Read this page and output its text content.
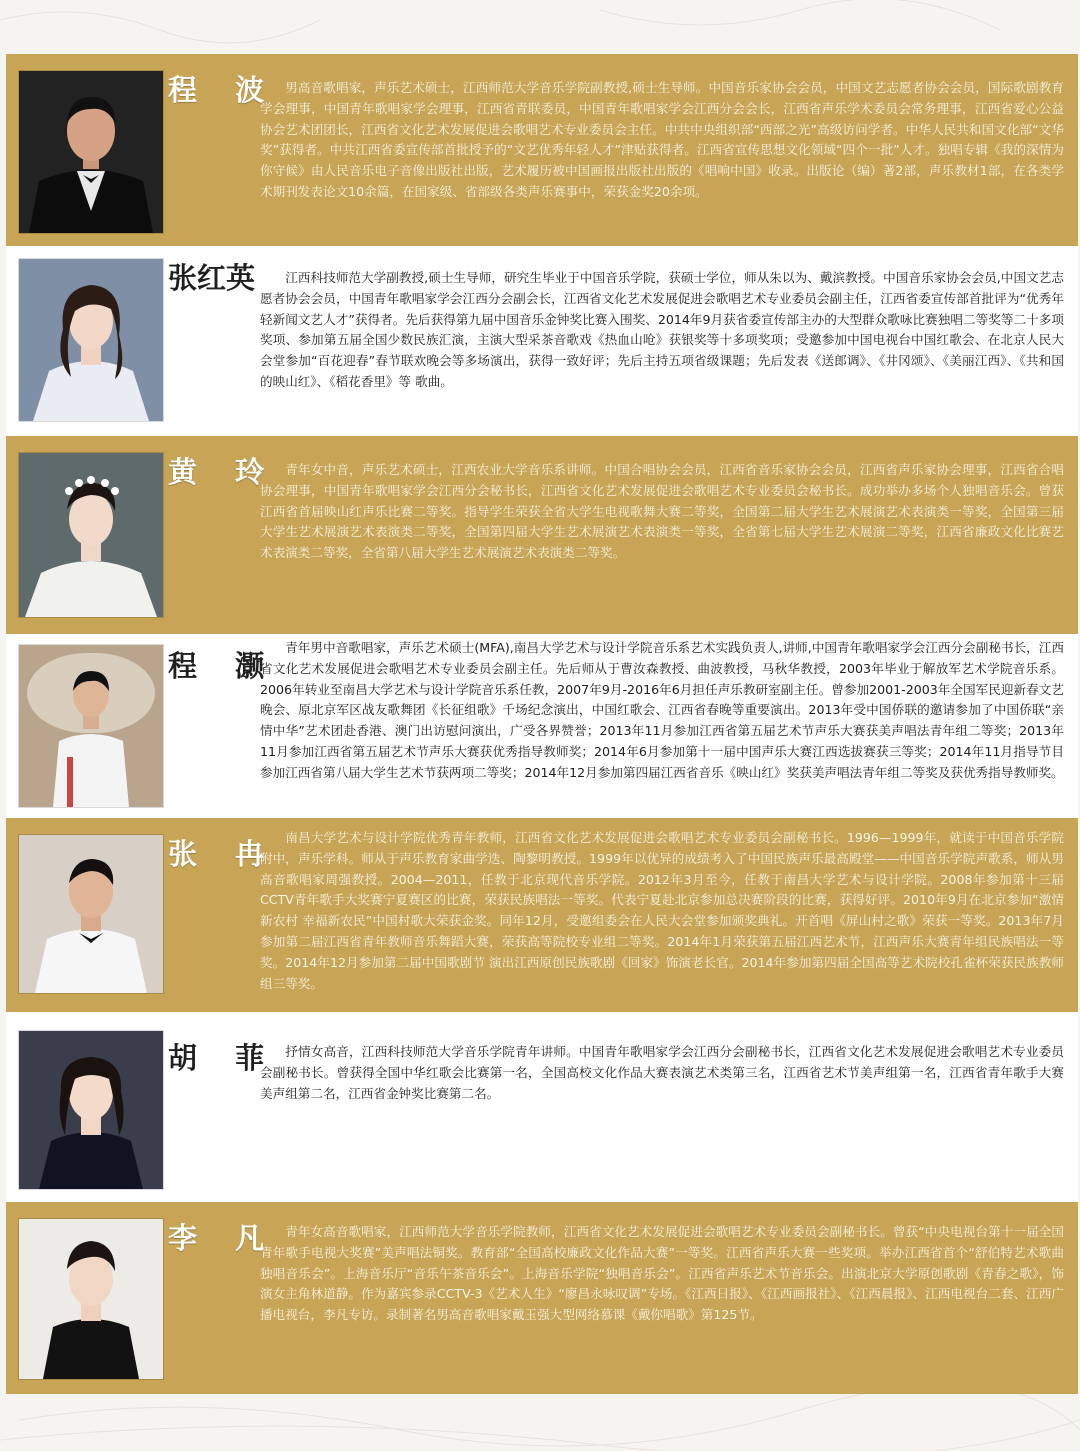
程 波 男高音歌唱家，声乐艺术硕士，江西师范大学音乐学院副教授,硕士生导师。中国音乐家协会会员，中国文艺志愿者协会会员，国际歌剧教育学会理事，中国青年歌唱家学会理事，江西省青联委员，中国青年歌唱家学会江西分会会长，江西省声乐学术委员会常务理事，江西省爱心公益协会艺术团团长，江西省文化艺术发展促进会歌唱艺术专业委员会主任。中共中央组织部“西部之光”高级访问学者。中华人民共和国文化部“文华奖”获得者。中共江西省委宣传部首批授予的“文艺优秀年轻人才”津贴获得者。江西省宣传思想文化领域“四个一批”人才。独唱专辑《我的深情为你守候》由人民音乐电子音像出版社出版，艺术履历被中国画报出版社出版的《唱响中国》收录。出版论（编）著2部，声乐教材1部，在各类学术期刊发表论文10余篇，在国家级、省部级各类声乐赛事中，荣获金奖20余项。
张红英	江西科技师范大学副教授,硕士生导师，研究生毕业于中国音乐学院，获硕士学位，师从朱以为、戴滨教授。中国音乐家协会会员,中国文艺志愿者协会会员，中国青年歌唱家学会江西分会副会长，江西省文化艺术发展促进会歌唱艺术专业委员会副主任，江西省委宣传部首批评为“优秀年轻新闻文艺人才”获得者。先后获得第九届中国音乐金钟奖比赛入围奖、2014年9月获省委宣传部主办的大型群众歌咏比赛独唱二等奖等二十多项奖项、参加第五届全国少数民族汇演，主演大型采茶音歌戏《热血山呛》获银奖等十多项奖项；受邀参加中国电视台中国红歌会、在北京人民大会堂参加“百花迎春”春节联欢晚会等多场演出，获得一致好评；先后主持五项省级课题；先后发表《送郎调》、《井冈颂》、《美丽江西》、《共和国的映山红》、《稻花香里》等 歌曲。
黄 玲 青年女中音，声乐艺术硕士，江西农业大学音乐系讲师。中国合唱协会会员，江西省音乐家协会会员，江西省声乐家协会理事，江西省合唱协会理事，中国青年歌唱家学会江西分会秘书长，江西省文化艺术发展促进会歌唱艺术专业委员会秘书长。成功举办多场个人独唱音乐会。曾获江西省首届映山红声乐比赛二等奖。指导学生荣获全省大学生电视歌舞大赛二等奖，全国第二届大学生艺术展演艺术表演类一等奖，全国第三届大学生艺术展演艺术表演类二等奖，全国第四届大学生艺术展演艺术表演类一等奖，全省第七届大学生艺术展演二等奖，江西省廉政文化比赛艺术表演类二等奖，全省第八届大学生艺术展演艺术表演类二等奖。
程 灏
青年男中音歌唱家，声乐艺术硕士(MFA),南昌大学艺术与设计学院音乐系艺术实践负责人,讲师,中国青年歌唱家学会江西分会副秘书长，江西省文化艺术发展促进会歌唱艺术专业委员会副主任。先后师从于曹汝森教授、曲波教授，马秋华教授，2003年毕业于解放军艺术学院音乐系。2006年转业至南昌大学艺术与设计学院音乐系任教，2007年9月-2016年6月担任声乐教研室副主任。曾参加2001-2003年全国军民迎新春文艺晚会、原北京军区战友歌舞团《长征组歌》千场纪念演出，中国红歌会、江西省春晚等重要演出。2013年受中国侨联的邀请参加了中国侨联“亲情中华”艺术团赴香港、澳门出访慰问演出，广受各界赞誉；2013年11月参加江西省第五届艺术节声乐大赛获美声唱法青年组二等奖；2013年11月参加江西省第五届艺术节声乐大赛获优秀指导教师奖；2014年6月参加第十一届中国声乐大赛江西选拔赛获三等奖；2014年11月指导节目参加江西省第八届大学生艺术节获两项二等奖；2014年12月参加第四届江西省音乐《映山红》奖获美声唱法青年组二等奖及获优秀指导教师奖。
张 冉 南昌大学艺术与设计学院优秀青年教师，江西省文化艺术发展促进会歌唱艺术专业委员会副秘书长。1996—1999年，就读于中国音乐学院附中，声乐学科。师从于声乐教育家曲学迭、陶黎明教授。1999年以优异的成绩考入了中国民族声乐最高殿堂——中国音乐学院声歌系，师从男高音歌唱家周强教授。2004—2011，任教于北京现代音乐学院。2012年3月至今，任教于南昌大学艺术与设计学院。2008年参加第十三届CCTV青年歌手大奖赛宁夏赛区的比赛，荣获民族唱法一等奖。代表宁夏赴北京参加总决赛阶段的比赛，获得好评。2010年9月在北京参加“激情新农村 幸福新农民”中国村歌大荣获金奖。同年12月，受邀组委会在人民大会堂参加颁奖典礼。开首唱《屏山村之歌》荣获一等奖。2013年7月参加第二届江西省青年教师音乐舞蹈大赛，荣获高等院校专业组二等奖。2014年1月荣获第五届江西艺术节，江西声乐大赛青年组民族唱法一等奖。2014年12月参加第二届中国歌剧节 演出江西原创民族歌剧《回家》饰演老长官。2014年参加第四届全国高等艺术院校孔雀杯荣获民族教师组三等奖。
胡 菲 抒情女高音，江西科技师范大学音乐学院青年讲师。中国青年歌唱家学会江西分会副秘书长，江西省文化艺术发展促进会歌唱艺术专业委员会副秘书长。曾获得全国中华红歌会比赛第一名，全国高校文化作品大赛表演艺术类第三名，江西省艺术节美声组第一名，江西省青年歌手大赛美声组第二名，江西省金钟奖比赛第二名。
李 凡 青年女高音歌唱家，江西师范大学音乐学院教师，江西省文化艺术发展促进会歌唱艺术专业委员会副秘书长。曾获“中央电视台第十一届全国青年歌手电视大奖赛”美声唱法铜奖。教育部“全国高校廉政文化作品大赛”一等奖。江西省声乐大赛一些奖项。举办江西省首个“舒伯特艺术歌曲独唱音乐会”。上海音乐厅“音乐午茶音乐会”。上海音乐学院“独唱音乐会”。江西省声乐艺术节音乐会。出演北京大学原创歌剧《青春之歌》，饰演女主角林道静。作为嘉宾参录CCTV-3《艺术人生》“廖昌永咏叹调”专场。《江西日报》、《江西画报社》、《江西晨报》、江西电视台二套、江西广播电视台，李凡专访。录制著名男高音歌唱家戴玉强大型网络慕课《戴你唱歌》第125节。
